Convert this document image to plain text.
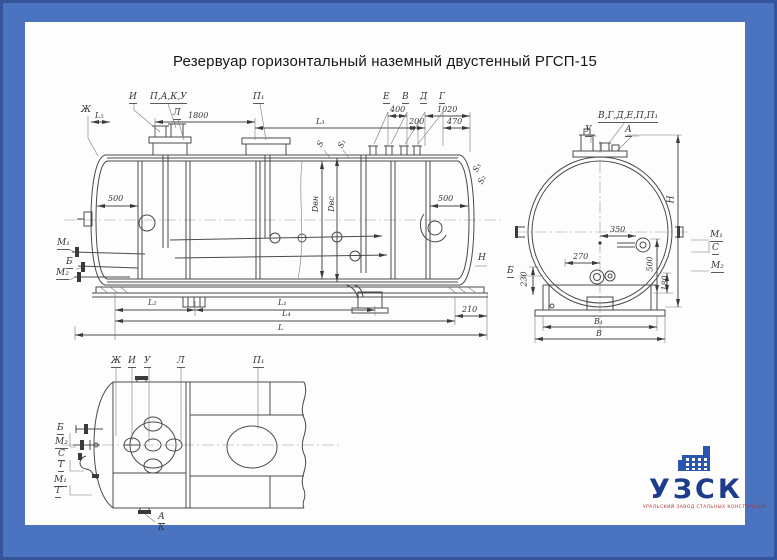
Резервуар горизонтальный наземный двустенный РГСП-15
Ж
L₅
И П,А,К,У
Л 1800
П₁
L₃
Е В Д Г
400	1020
200	470
S S₁
М₁
Б
М₂
500
S₃
S₂
Н
500
210
Dвн Dвс
L₂	L₁
L₄
L
В,Г,Д,Е,П,П₁
У	А
Н
М₁
С
М₂
Б
230
350
270	500
180
В₁
В
Ж И У	Л	П₁
Б
М₂
С
Т
М₁
Т
А
К
УЗСК
УРАЛЬСКИЙ ЗАВОД СТАЛЬНЫХ КОНСТРУКЦИЙ
